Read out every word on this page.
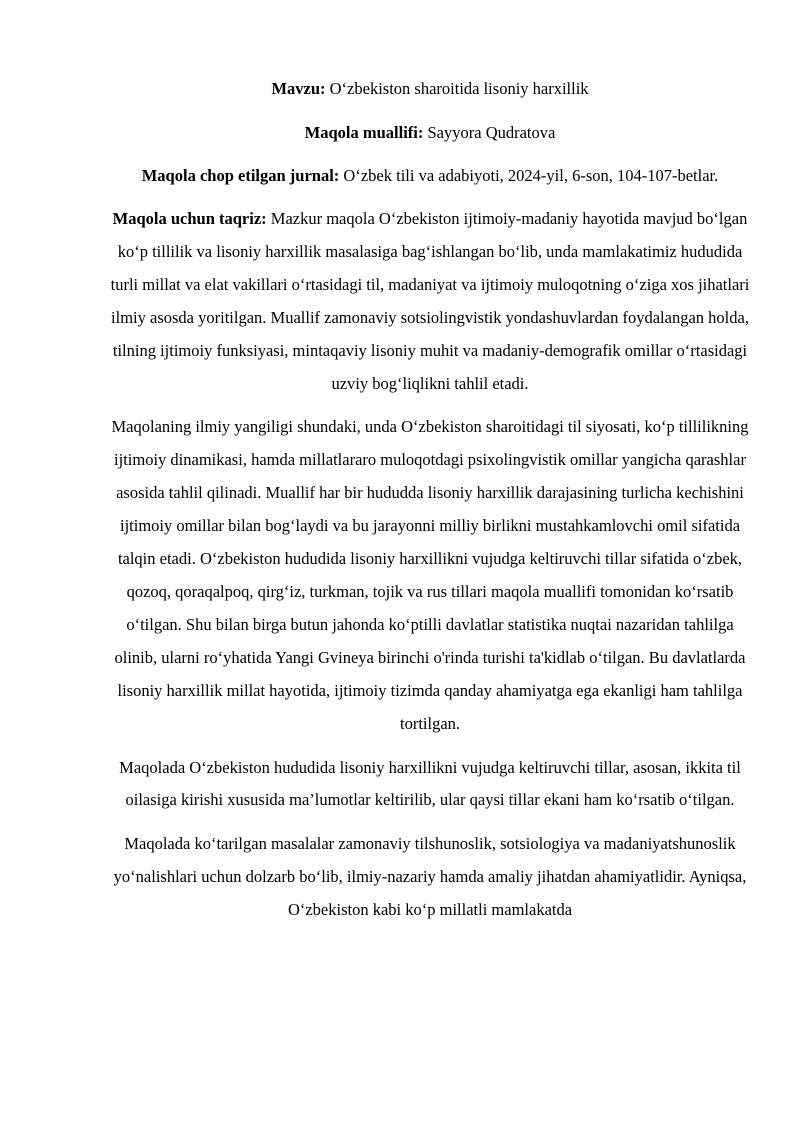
Mavzu: O‘zbekiston sharoitida lisoniy harxillik

Maqola muallifi: Sayyora Qudratova

Maqola chop etilgan jurnal: O‘zbek tili va adabiyoti, 2024-yil, 6-son, 104-107-betlar.

Maqola uchun taqriz: Mazkur maqola O‘zbekiston ijtimoiy-madaniy hayotida mavjud bo‘lgan ko‘p tillilik va lisoniy harxillik masalasiga bag‘ishlangan bo‘lib, unda mamlakatimiz hududida turli millat va elat vakillari o‘rtasidagi til, madaniyat va ijtimoiy muloqotning o‘ziga xos jihatlari ilmiy asosda yoritilgan. Muallif zamonaviy sotsiolingvistik yondashuvlardan foydalangan holda, tilning ijtimoiy funksiyasi, mintaqaviy lisoniy muhit va madaniy-demografik omillar o‘rtasidagi uzviy bog‘liqlikni tahlil etadi.

Maqolaning ilmiy yangiligi shundaki, unda O‘zbekiston sharoitidagi til siyosati, ko‘p tillilikning ijtimoiy dinamikasi, hamda millatlararo muloqotdagi psixolingvistik omillar yangicha qarashlar asosida tahlil qilinadi. Muallif har bir hududda lisoniy harxillik darajasining turlicha kechishini ijtimoiy omillar bilan bog‘laydi va bu jarayonni milliy birlikni mustahkamlovchi omil sifatida talqin etadi. O‘zbekiston hududida lisoniy harxillikni vujudga keltiruvchi tillar sifatida o‘zbek, qozoq, qoraqalpoq, qirg‘iz, turkman, tojik va rus tillari maqola muallifi tomonidan ko‘rsatib o‘tilgan. Shu bilan birga butun jahonda ko‘ptilli davlatlar statistika nuqtai nazaridan tahlilga olinib, ularni ro‘yhatida Yangi Gvineya birinchi o'rinda turishi ta'kidlab o‘tilgan. Bu davlatlarda lisoniy harxillik millat hayotida, ijtimoiy tizimda qanday ahamiyatga ega ekanligi ham tahlilga tortilgan.

Maqolada O‘zbekiston hududida lisoniy harxillikni vujudga keltiruvchi tillar, asosan, ikkita til oilasiga kirishi xususida ma’lumotlar keltirilib, ular qaysi tillar ekani ham ko‘rsatib o‘tilgan.

Maqolada ko‘tarilgan masalalar zamonaviy tilshunoslik, sotsiologiya va madaniyatshunoslik yo‘nalishlari uchun dolzarb bo‘lib, ilmiy-nazariy hamda amaliy jihatdan ahamiyatlidir. Ayniqsa, O‘zbekiston kabi ko‘p millatli mamlakatda
